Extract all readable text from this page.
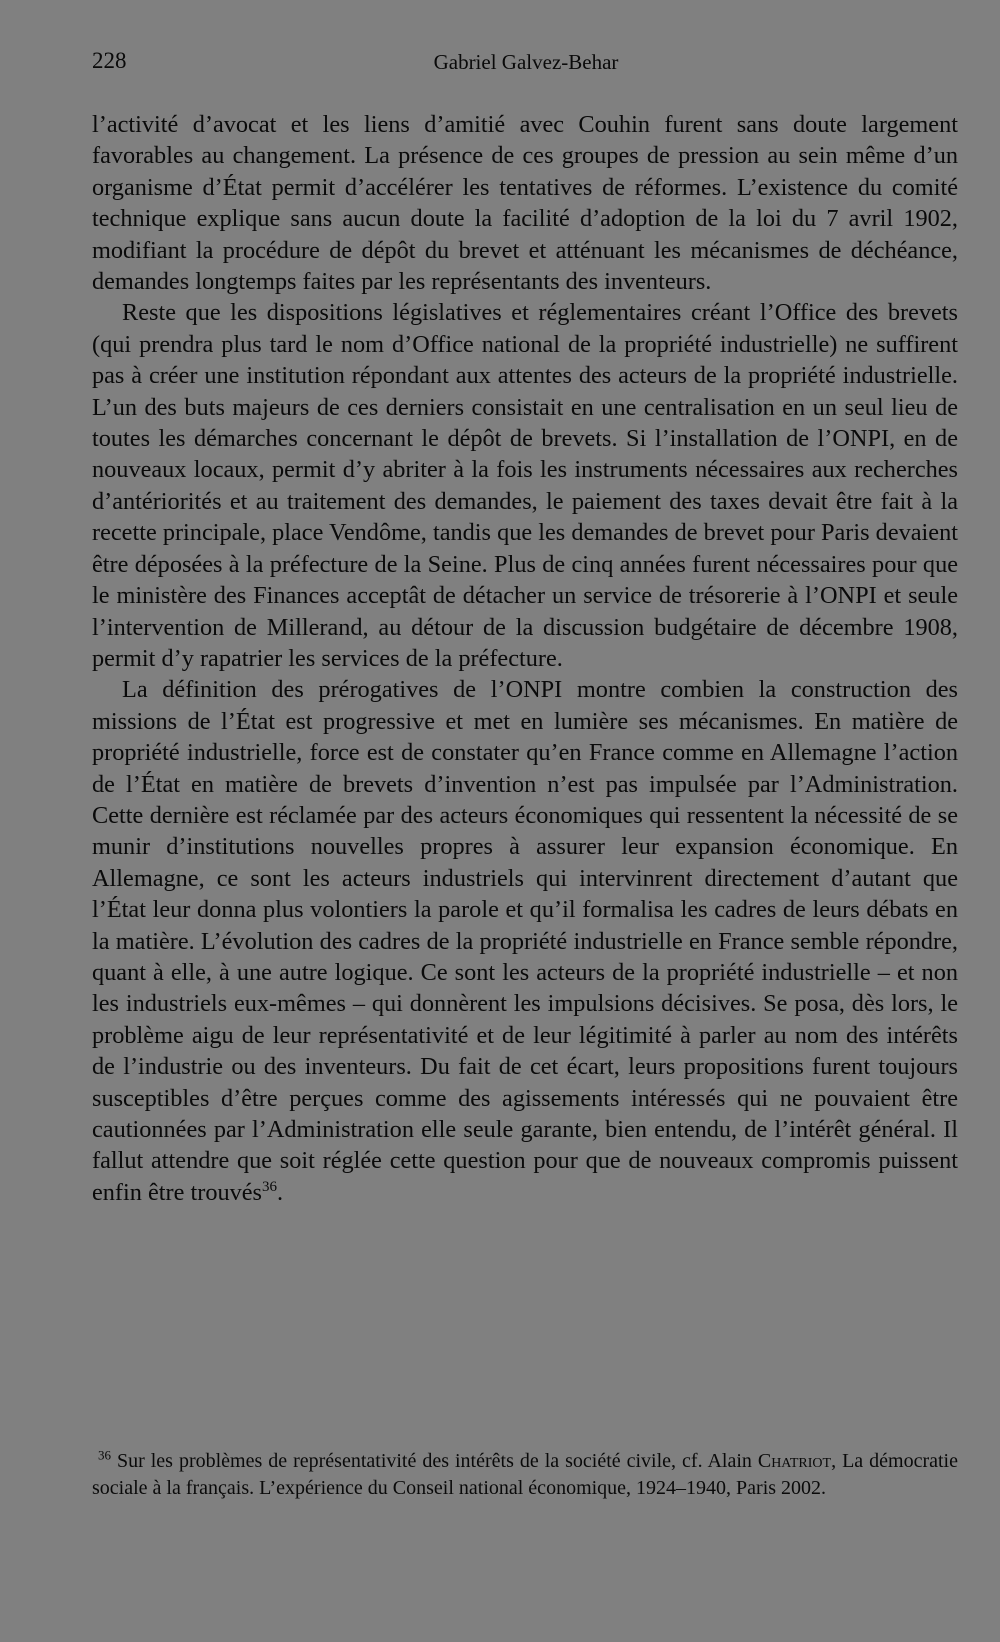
228	Gabriel Galvez-Behar

l’activité d’avocat et les liens d’amitié avec Couhin furent sans doute largement favorables au changement. La présence de ces groupes de pression au sein même d’un organisme d’État permit d’accélérer les tentatives de réformes. L’existence du comité technique explique sans aucun doute la facilité d’adoption de la loi du 7 avril 1902, modifiant la procédure de dépôt du brevet et atténuant les mécanismes de déchéance, demandes longtemps faites par les représentants des inventeurs.

Reste que les dispositions législatives et réglementaires créant l’Office des brevets (qui prendra plus tard le nom d’Office national de la propriété industrielle) ne suffirent pas à créer une institution répondant aux attentes des acteurs de la propriété industrielle. L’un des buts majeurs de ces derniers consistait en une centralisation en un seul lieu de toutes les démarches concernant le dépôt de brevets. Si l’installation de l’ONPI, en de nouveaux locaux, permit d’y abriter à la fois les instruments nécessaires aux recherches d’antériorités et au traitement des demandes, le paiement des taxes devait être fait à la recette principale, place Vendôme, tandis que les demandes de brevet pour Paris devaient être déposées à la préfecture de la Seine. Plus de cinq années furent nécessaires pour que le ministère des Finances acceptât de détacher un service de trésorerie à l’ONPI et seule l’intervention de Millerand, au détour de la discussion budgétaire de décembre 1908, permit d’y rapatrier les services de la préfecture.

La définition des prérogatives de l’ONPI montre combien la construction des missions de l’État est progressive et met en lumière ses mécanismes. En matière de propriété industrielle, force est de constater qu’en France comme en Allemagne l’action de l’État en matière de brevets d’invention n’est pas impulsée par l’Administration. Cette dernière est réclamée par des acteurs économiques qui ressentent la nécessité de se munir d’institutions nouvelles propres à assurer leur expansion économique. En Allemagne, ce sont les acteurs industriels qui intervinrent directement d’autant que l’État leur donna plus volontiers la parole et qu’il formalisa les cadres de leurs débats en la matière. L’évolution des cadres de la propriété industrielle en France semble répondre, quant à elle, à une autre logique. Ce sont les acteurs de la propriété industrielle – et non les industriels eux-mêmes – qui donnèrent les impulsions décisives. Se posa, dès lors, le problème aigu de leur représentativité et de leur légitimité à parler au nom des intérêts de l’industrie ou des inventeurs. Du fait de cet écart, leurs propositions furent toujours susceptibles d’être perçues comme des agissements intéressés qui ne pouvaient être cautionnées par l’Administration elle seule garante, bien entendu, de l’intérêt général. Il fallut attendre que soit réglée cette question pour que de nouveaux compromis puissent enfin être trouvés$^{36}$.

$^{36}$ Sur les problèmes de représentativité des intérêts de la société civile, cf. Alain Chatriot, La démocratie sociale à la français. L’expérience du Conseil national économique, 1924–1940, Paris 2002.
